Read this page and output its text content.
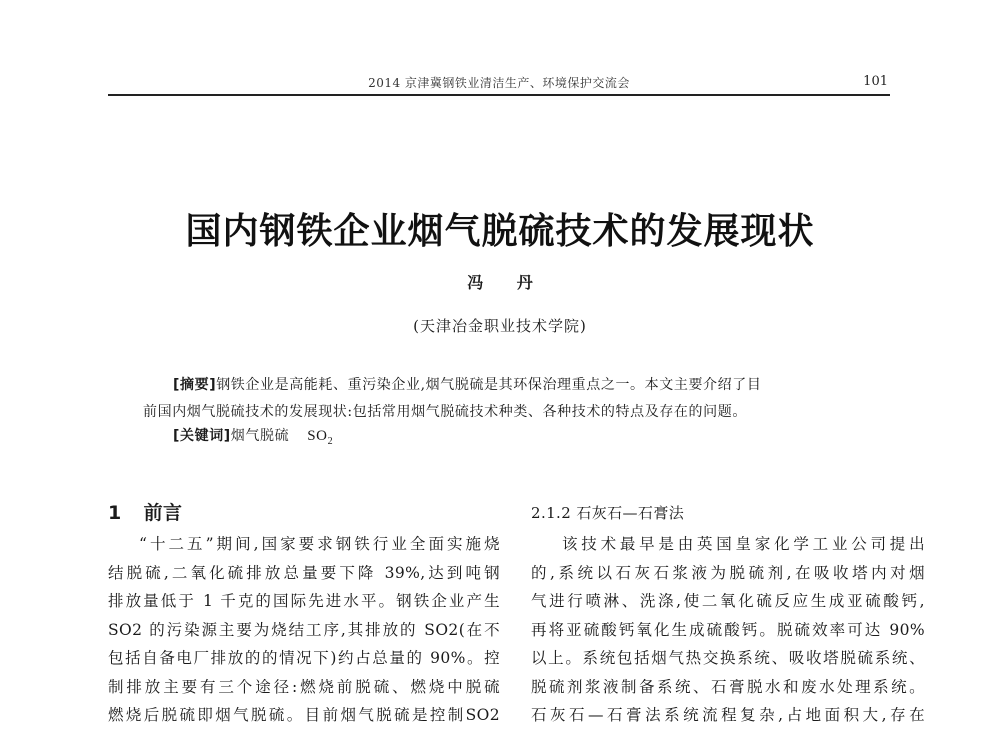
2014 京津冀钢铁业清洁生产、环境保护交流会	101
国内钢铁企业烟气脱硫技术的发展现状
冯 丹
(天津冶金职业技术学院)
[摘要]钢铁企业是高能耗、重污染企业,烟气脱硫是其环保治理重点之一。本文主要介绍了目
前国内烟气脱硫技术的发展现状:包括常用烟气脱硫技术种类、各种技术的特点及存在的问题。
[关键词]烟气脱硫 $SO_2$
1 前言
“十二五”期间,国家要求钢铁行业全面实施烧
结脱硫,二氧化硫排放总量要下降 39%,达到吨钢
排放量低于 1 千克的国际先进水平。钢铁企业产生
SO2 的污染源主要为烧结工序,其排放的 SO2(在不
包括自备电厂排放的的情况下)约占总量的 90%。控
制排放主要有三个途径:燃烧前脱硫、燃烧中脱硫
燃烧后脱硫即烟气脱硫。目前烟气脱硫是控制SO2
2.1.2 石灰石—石膏法
该技术最早是由英国皇家化学工业公司提出
的,系统以石灰石浆液为脱硫剂,在吸收塔内对烟
气进行喷淋、洗涤,使二氧化硫反应生成亚硫酸钙,
再将亚硫酸钙氧化生成硫酸钙。脱硫效率可达 90%
以上。系统包括烟气热交换系统、吸收塔脱硫系统、
脱硫剂浆液制备系统、石膏脱水和废水处理系统。
石灰石—石膏法系统流程复杂,占地面积大,存在
